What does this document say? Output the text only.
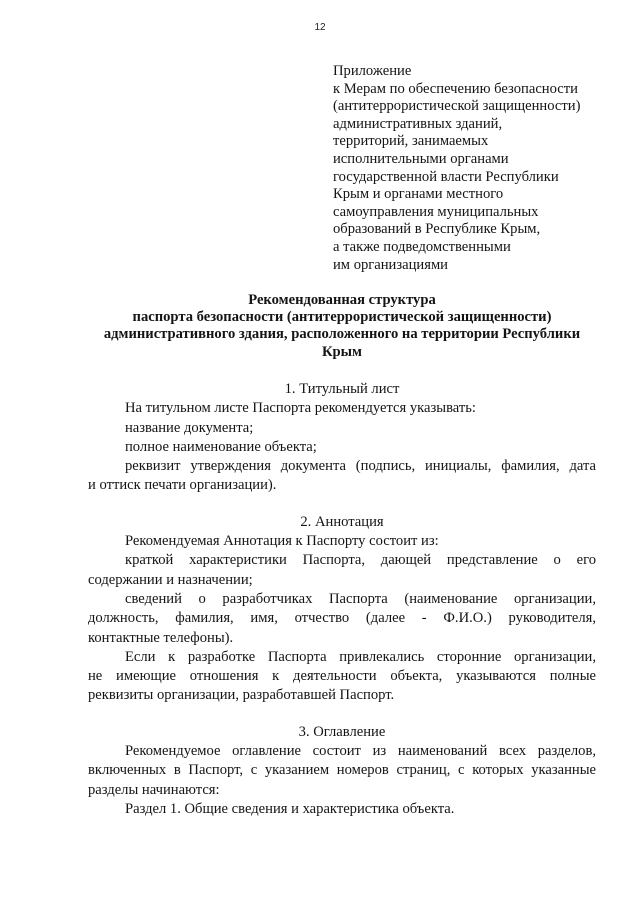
12
Приложение
к Мерам по обеспечению безопасности
(антитеррористической защищенности)
административных зданий,
территорий, занимаемых
исполнительными органами
государственной власти Республики
Крым и органами местного
самоуправления муниципальных
образований в Республике Крым,
а также подведомственными
им организациями
Рекомендованная структура
паспорта безопасности (антитеррористической защищенности)
административного здания, расположенного на территории Республики
Крым

1. Титульный лист

На титульном листе Паспорта рекомендуется указывать:

название документа;

полное наименование объекта;

реквизит утверждения документа (подпись, инициалы, фамилия, дата

и оттиск печати организации).

2. Аннотация

Рекомендуемая Аннотация к Паспорту состоит из:

краткой характеристики Паспорта, дающей представление о его

содержании и назначении;

сведений о разработчиках Паспорта (наименование организации,

должность, фамилия, имя, отчество (далее - Ф.И.О.) руководителя,

контактные телефоны).

Если к разработке Паспорта привлекались сторонние организации,

не имеющие отношения к деятельности объекта, указываются полные

реквизиты организации, разработавшей Паспорт.

3. Оглавление

Рекомендуемое оглавление состоит из наименований всех разделов,

включенных в Паспорт, с указанием номеров страниц, с которых указанные

разделы начинаются:

Раздел 1. Общие сведения и характеристика объекта.
